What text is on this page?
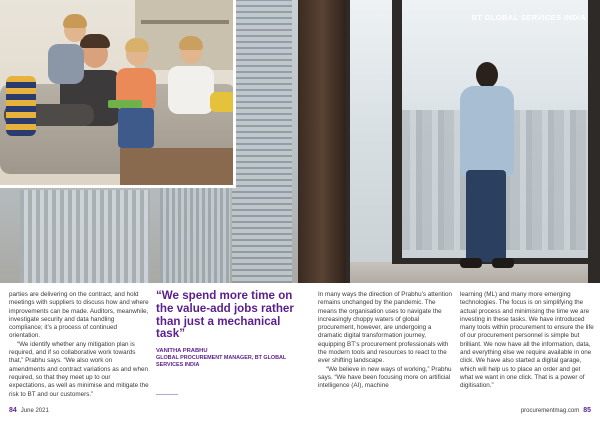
BT GLOBAL SERVICES INDIA

parties are delivering on the contract, and hold meetings with suppliers to discuss how and where improvements can be made. Auditors, meanwhile, investigate security and data handling compliance; it’s a process of continued orientation.

“We identify whether any mitigation plan is required, and if so collaborative work towards that,” Prabhu says. “We also work on amendments and contract variations as and when required, so that they meet up to our expectations, as well as minimise and mitigate the risk to BT and our customers.”

“We spend more time on the value-add jobs rather than just a mechanical task”
VANITHA PRABHU
GLOBAL PROCUREMENT MANAGER, BT GLOBAL SERVICES INDIA

In many ways the direction of Prabhu’s attention remains unchanged by the pandemic. The means the organisation uses to navigate the increasingly choppy waters of global procurement, however, are undergoing a dramatic digital transformation journey, equipping BT’s procurement professionals with the modern tools and resources to react to the ever shifting landscape.

“We believe in new ways of working,” Prabhu says. “We have been focusing more on artificial intelligence (AI), machine

learning (ML) and many more emerging technologies. The focus is on simplifying the actual process and minimising the time we are investing in these tasks. We have introduced many tools within procurement to ensure the life of our procurement personnel is simple but brilliant. We now have all the information, data, and everything else we require available in one click. We have also started a digital garage, which will help us to place an order and get what we want in one click. That is a power of digitisation.”

84 June 2021	procurementmag.com 85
